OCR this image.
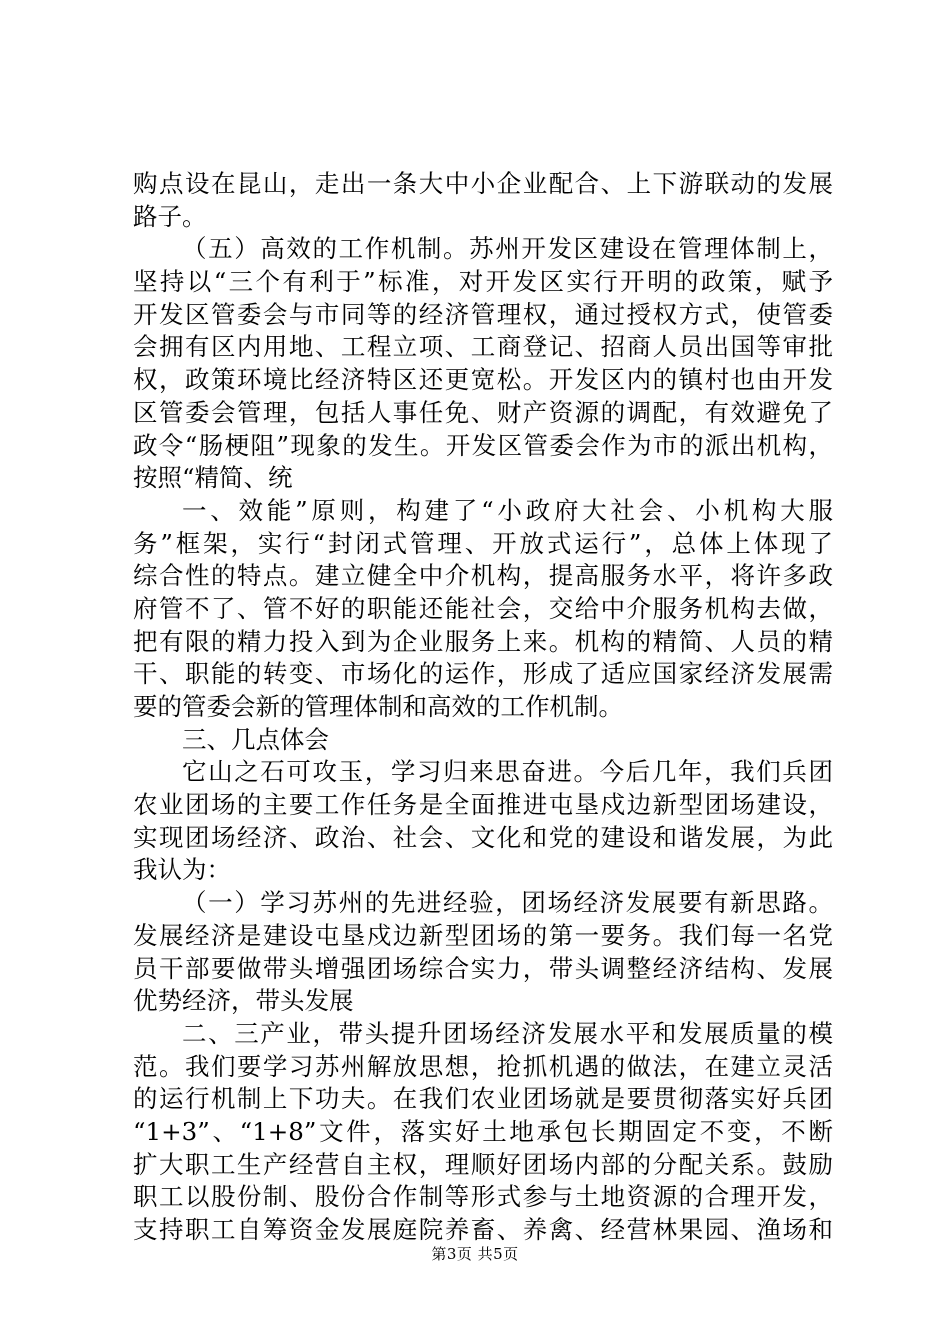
购点设在昆山，走出一条大中小企业配合、上下游联动的发展
路子。
（五）高效的工作机制。苏州开发区建设在管理体制上，
坚持以“三个有利于”标准，对开发区实行开明的政策，赋予
开发区管委会与市同等的经济管理权，通过授权方式，使管委
会拥有区内用地、工程立项、工商登记、招商人员出国等审批
权，政策环境比经济特区还更宽松。开发区内的镇村也由开发
区管委会管理，包括人事任免、财产资源的调配，有效避免了
政令“肠梗阻”现象的发生。开发区管委会作为市的派出机构，
按照“精简、统
一、效能”原则，构建了“小政府大社会、小机构大服
务”框架，实行“封闭式管理、开放式运行”，总体上体现了
综合性的特点。建立健全中介机构，提高服务水平，将许多政
府管不了、管不好的职能还能社会，交给中介服务机构去做，
把有限的精力投入到为企业服务上来。机构的精简、人员的精
干、职能的转变、市场化的运作，形成了适应国家经济发展需
要的管委会新的管理体制和高效的工作机制。
三、几点体会
它山之石可攻玉，学习归来思奋进。今后几年，我们兵团
农业团场的主要工作任务是全面推进屯垦戍边新型团场建设，
实现团场经济、政治、社会、文化和党的建设和谐发展，为此
我认为：
（一）学习苏州的先进经验，团场经济发展要有新思路。
发展经济是建设屯垦戍边新型团场的第一要务。我们每一名党
员干部要做带头增强团场综合实力，带头调整经济结构、发展
优势经济，带头发展
二、三产业，带头提升团场经济发展水平和发展质量的模
范。我们要学习苏州解放思想，抢抓机遇的做法，在建立灵活
的运行机制上下功夫。在我们农业团场就是要贯彻落实好兵团
“1+3”、“1+8”文件，落实好土地承包长期固定不变，不断
扩大职工生产经营自主权，理顺好团场内部的分配关系。鼓励
职工以股份制、股份合作制等形式参与土地资源的合理开发，
支持职工自筹资金发展庭院养畜、养禽、经营林果园、渔场和
第3页 共5页
